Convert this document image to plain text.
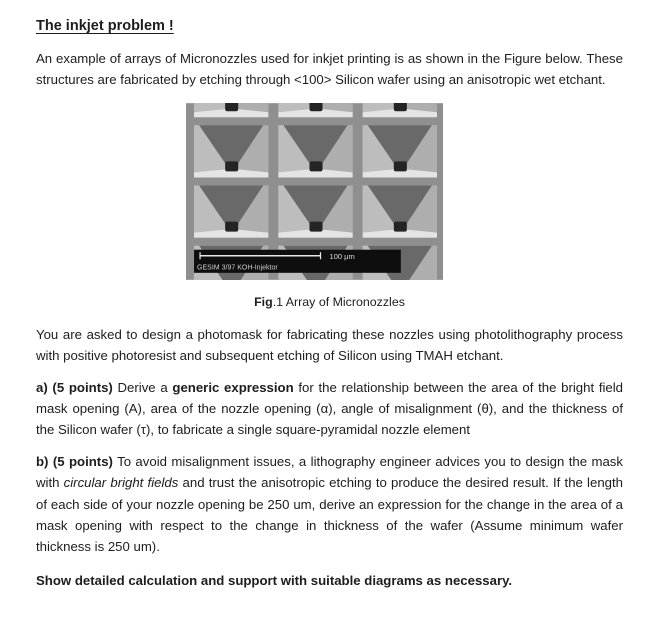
The inkjet problem !

An example of arrays of Micronozzles used for inkjet printing is as shown in the Figure below. These structures are fabricated by etching through <100> Silicon wafer using an anisotropic wet etchant.

100 μm
GESIM 3/97 KOH-Injektor
Fig.1 Array of Micronozzles

You are asked to design a photomask for fabricating these nozzles using photolithography process with positive photoresist and subsequent etching of Silicon using TMAH etchant.

a) (5 points) Derive a generic expression for the relationship between the area of the bright field mask opening (A), area of the nozzle opening (α), angle of misalignment (θ), and the thickness of the Silicon wafer (τ), to fabricate a single square-pyramidal nozzle element

b) (5 points) To avoid misalignment issues, a lithography engineer advices you to design the mask with circular bright fields and trust the anisotropic etching to produce the desired result. If the length of each side of your nozzle opening be 250 um, derive an expression for the change in the area of a mask opening with respect to the change in thickness of the wafer (Assume minimum wafer thickness is 250 um).

Show detailed calculation and support with suitable diagrams as necessary.
